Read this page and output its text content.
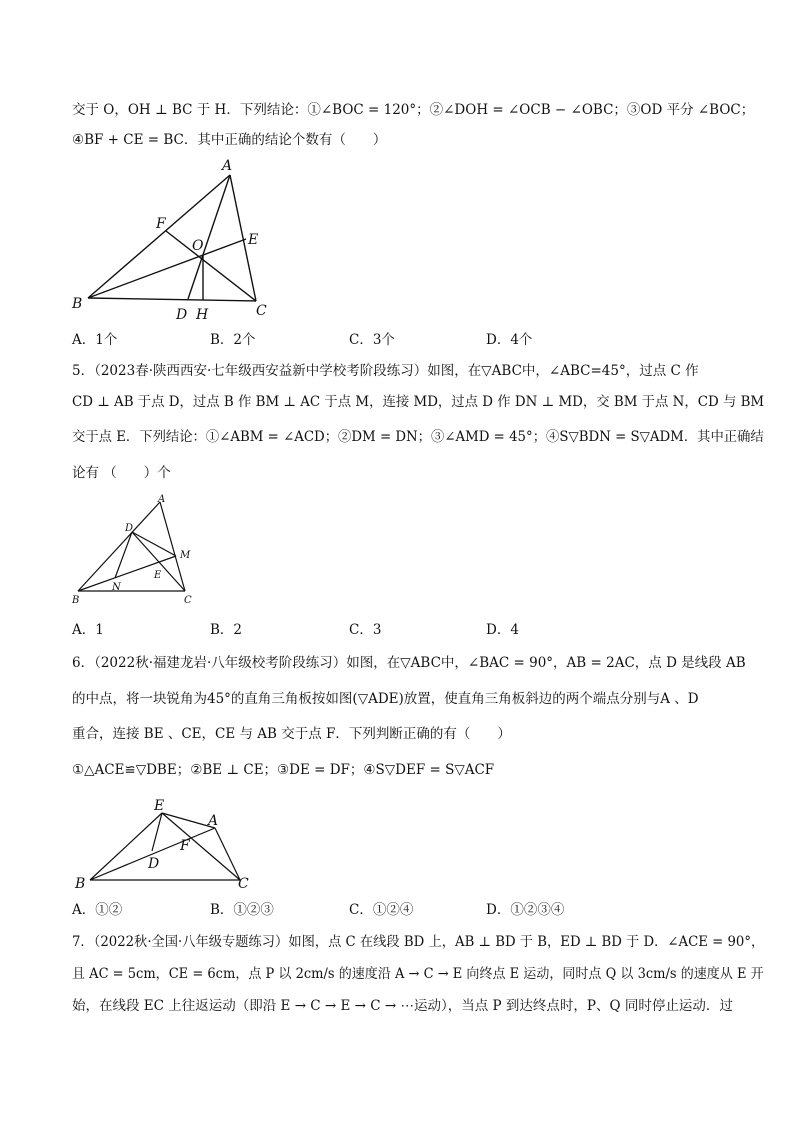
交于 O，OH ⊥ BC 于 H．下列结论：①∠BOC = 120°；②∠DOH = ∠OCB − ∠OBC；③OD 平分 ∠BOC；
④BF + CE = BC．其中正确的结论个数有（　　）
A
F
O	E
B	C
D H
A．1个	B．2个	C．3个	D．4个
5．（2023春·陕西西安·七年级西安益新中学校考阶段练习）如图，在▽ABC中，∠ABC=45°，过点 C 作
CD ⊥ AB 于点 D，过点 B 作 BM ⊥ AC 于点 M，连接 MD，过点 D 作 DN ⊥ MD，交 BM 于点 N，CD 与 BM
交于点 E．下列结论：①∠ABM = ∠ACD；②DM = DN；③∠AMD = 45°；④S▽BDN = S▽ADM．其中正确结
论有 （　　）个
A
D
M
E
N
B	C
A．1	B．2	C．3	D．4
6．（2022秋·福建龙岩·八年级校考阶段练习）如图，在▽ABC中，∠BAC = 90°，AB = 2AC，点 D 是线段 AB
的中点，将一块锐角为45°的直角三角板按如图(▽ADE)放置，使直角三角板斜边的两个端点分别与A 、D
重合，连接 BE 、CE，CE 与 AB 交于点 F．下列判断正确的有（　　）
①△ACE≌▽DBE；②BE ⊥ CE；③DE = DF；④S▽DEF = S▽ACF
E
A
F
D
B	C
A．①②	B．①②③	C．①②④	D．①②③④
7．（2022秋·全国·八年级专题练习）如图，点 C 在线段 BD 上，AB ⊥ BD 于 B，ED ⊥ BD 于 D．∠ACE = 90°，
且 AC = 5cm，CE = 6cm，点 P 以 2cm/s 的速度沿 A → C → E 向终点 E 运动，同时点 Q 以 3cm/s 的速度从 E 开
始，在线段 EC 上往返运动（即沿 E → C → E → C → ⋯运动），当点 P 到达终点时，P、Q 同时停止运动．过
